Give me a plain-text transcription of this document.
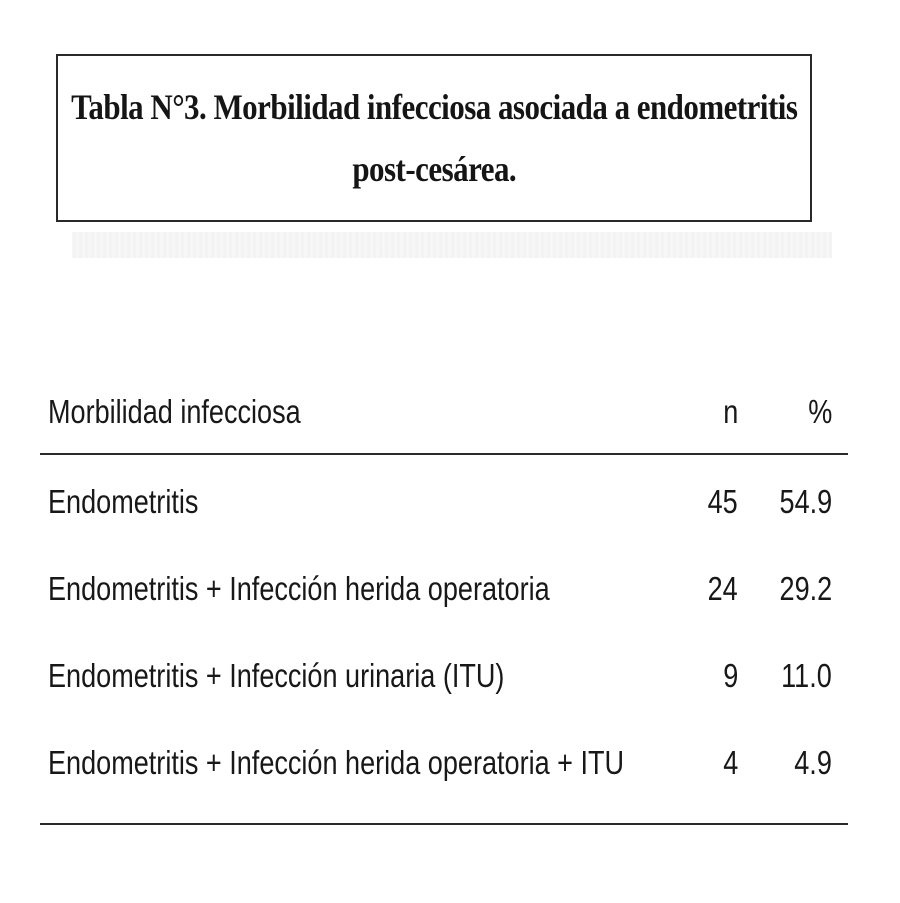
Tabla N°3. Morbilidad infecciosa asociada a endometritis
post-cesárea.
Morbilidad infecciosa	n %
Endometritis	45 54.9
Endometritis + Infección herida operatoria	24 29.2
Endometritis + Infección urinaria (ITU)	9 11.0
Endometritis + Infección herida operatoria + ITU	4 4.9
